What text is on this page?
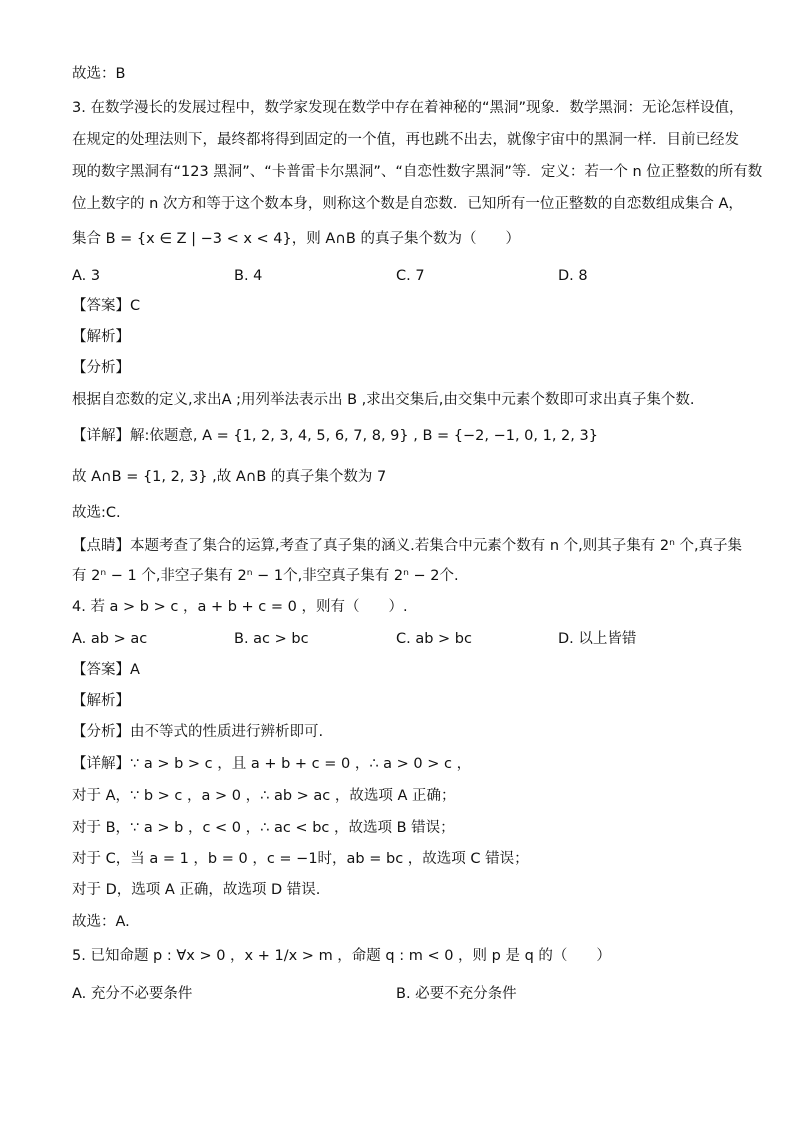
故选：B
3. 在数学漫长的发展过程中，数学家发现在数学中存在着神秘的“黑洞”现象．数学黑洞：无论怎样设值，
在规定的处理法则下，最终都将得到固定的一个值，再也跳不出去，就像宇宙中的黑洞一样．目前已经发
现的数字黑洞有“123 黑洞”、“卡普雷卡尔黑洞”、“自恋性数字黑洞”等．定义：若一个 n 位正整数的所有数
位上数字的 n 次方和等于这个数本身，则称这个数是自恋数．已知所有一位正整数的自恋数组成集合 A，
集合 B = {x ∈ Z | −3 < x < 4}，则 A∩B 的真子集个数为（　　）
A. 3	B. 4	C. 7	D. 8
【答案】C
【解析】
【分析】
根据自恋数的定义,求出A ;用列举法表示出 B ,求出交集后,由交集中元素个数即可求出真子集个数.
【详解】解:依题意, A = {1, 2, 3, 4, 5, 6, 7, 8, 9} , B = {−2, −1, 0, 1, 2, 3}
故 A∩B = {1, 2, 3} ,故 A∩B 的真子集个数为 7
故选:C.
【点睛】本题考查了集合的运算,考查了真子集的涵义.若集合中元素个数有 n 个,则其子集有 2ⁿ 个,真子集
有 2ⁿ − 1 个,非空子集有 2ⁿ − 1个,非空真子集有 2ⁿ − 2个.
4. 若 a > b > c ，a + b + c = 0 ，则有（　　）.
A. ab > ac	B. ac > bc	C. ab > bc	D. 以上皆错
【答案】A
【解析】
【分析】由不等式的性质进行辨析即可.
【详解】∵ a > b > c ，且 a + b + c = 0 ，∴ a > 0 > c ，
对于 A，∵ b > c ，a > 0 ，∴ ab > ac ，故选项 A 正确；
对于 B，∵ a > b ，c < 0 ，∴ ac < bc ，故选项 B 错误；
对于 C，当 a = 1 ，b = 0 ，c = −1时，ab = bc ，故选项 C 错误；
对于 D，选项 A 正确，故选项 D 错误.
故选：A.
5. 已知命题 p : ∀x > 0 ，x + 1/x > m ，命题 q : m < 0 ，则 p 是 q 的（　　）
A. 充分不必要条件	B. 必要不充分条件
